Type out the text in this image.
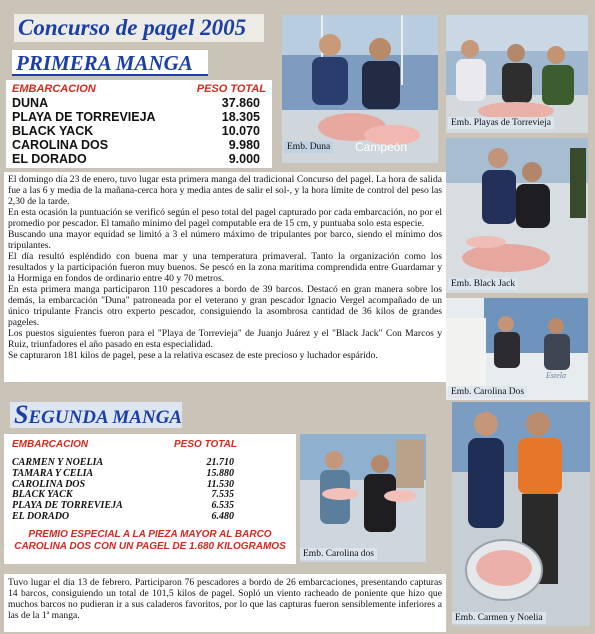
Concurso de pagel 2005
PRIMERA MANGA
EMBARCACION	PESO TOTAL
DUNA	37.860
PLAYA DE TORREVIEJA	18.305
BLACK YACK	10.070
CAROLINA DOS	9.980
EL DORADO	9.000

El domingo día 23 de enero, tuvo lugar esta primera manga del tradicional Concurso del pagel. La hora de salida fue a las 6 y media de la mañana-cerca hora y media antes de salir el sol-, y la hora límite de control del peso las 2,30 de la tarde.

En esta ocasión la puntuación se verificó según el peso total del pagel capturado por cada embarcación, no por el promedio por pescador. El tamaño mínimo del pagel computable era de 15 cm, y puntuaba solo esta especie.

Buscando una mayor equidad se limitó a 3 el número máximo de tripulantes por barco, siendo el mínimo dos tripulantes.

El día resultó espléndido con buena mar y una temperatura primaveral. Tanto la organización como los resultados y la participación fueron muy buenos. Se pescó en la zona marítima comprendida entre Guardamar y la Hormiga en fondos de ordinario entre 40 y 70 metros.

En esta primera manga participaron 110 pescadores a bordo de 39 barcos. Destacó en gran manera sobre los demás, la embarcación "Duna" patroneada por el veterano y gran pescador Ignacio Vergel acompañado de un único tripulante Francis otro experto pescador, consiguiendo la asombrosa cantidad de 36 kilos de grandes pageles.

Los puestos siguientes fueron para el "Playa de Torrevieja" de Juanjo Juárez y el "Black Jack" Con Marcos y Ruiz, triunfadores el año pasado en esta especialidad.

Se capturaron 181 kilos de pagel, pese a la relativa escasez de este precioso y luchador espárido.

Emb. Duna Campeón
Emb. Playas de Torrevieja
Emb. Black Jack
Estela
Emb. Carolina Dos
SEGUNDA MANGA
EMBARCACION	PESO TOTAL
CARMEN Y NOELIA	21.710
TAMARA Y CELIA	15.880
CAROLINA DOS	11.530
BLACK YACK	7.535
PLAYA DE TORREVIEJA	6.535
EL DORADO	6.480
PREMIO ESPECIAL A LA PIEZA MAYOR AL BARCO
CAROLINA DOS CON UN PAGEL DE 1.680 KILOGRAMOS
Emb. Carolina dos
Emb. Carmen y Noelia

Tuvo lugar el día 13 de febrero. Participaron 76 pescadores a bordo de 26 embarcaciones, presentando capturas 14 barcos, consiguiendo un total de 101,5 kilos de pagel. Sopló un viento racheado de poniente que hizo que muchos barcos no pudieran ir a sus caladeros favoritos, por lo que las capturas fueron sensiblemente inferiores a las de la 1ª manga.
